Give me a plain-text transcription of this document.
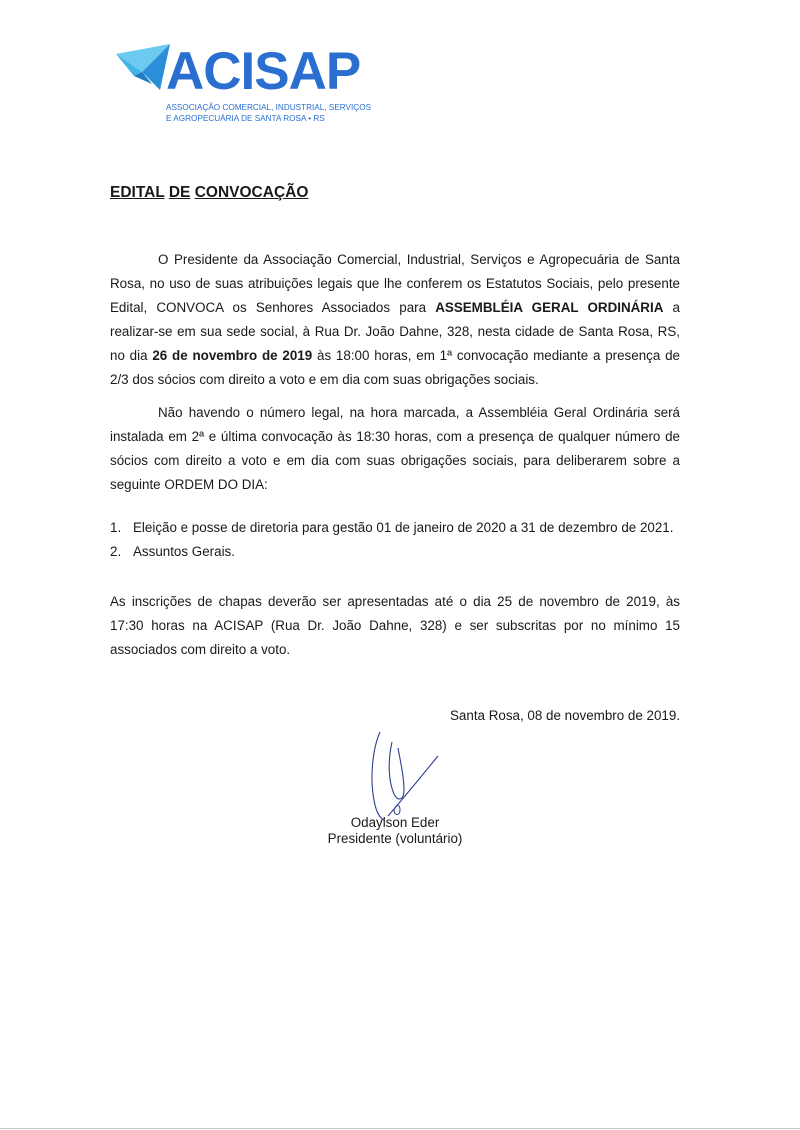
ACISAP
ASSOCIAÇÃO COMERCIAL, INDUSTRIAL, SERVIÇOS
E AGROPECUÁRIA DE SANTA ROSA • RS
EDITAL DE CONVOCAÇÃO

O Presidente da Associação Comercial, Industrial, Serviços e Agropecuária de Santa Rosa, no uso de suas atribuições legais que lhe conferem os Estatutos Sociais, pelo presente Edital, CONVOCA os Senhores Associados para ASSEMBLÉIA GERAL ORDINÁRIA a realizar-se em sua sede social, à Rua Dr. João Dahne, 328, nesta cidade de Santa Rosa, RS, no dia 26 de novembro de 2019 às 18:00 horas, em 1ª convocação mediante a presença de 2/3 dos sócios com direito a voto e em dia com suas obrigações sociais.

Não havendo o número legal, na hora marcada, a Assembléia Geral Ordinária será instalada em 2ª e última convocação às 18:30 horas, com a presença de qualquer número de sócios com direito a voto e em dia com suas obrigações sociais, para deliberarem sobre a seguinte ORDEM DO DIA:

1. Eleição e posse de diretoria para gestão 01 de janeiro de 2020 a 31 de dezembro de 2021.
2. Assuntos Gerais.

As inscrições de chapas deverão ser apresentadas até o dia 25 de novembro de 2019, às 17:30 horas na ACISAP (Rua Dr. João Dahne, 328) e ser subscritas por no mínimo 15 associados com direito a voto.

Santa Rosa, 08 de novembro de 2019.
Odaylson Eder
Presidente (voluntário)
